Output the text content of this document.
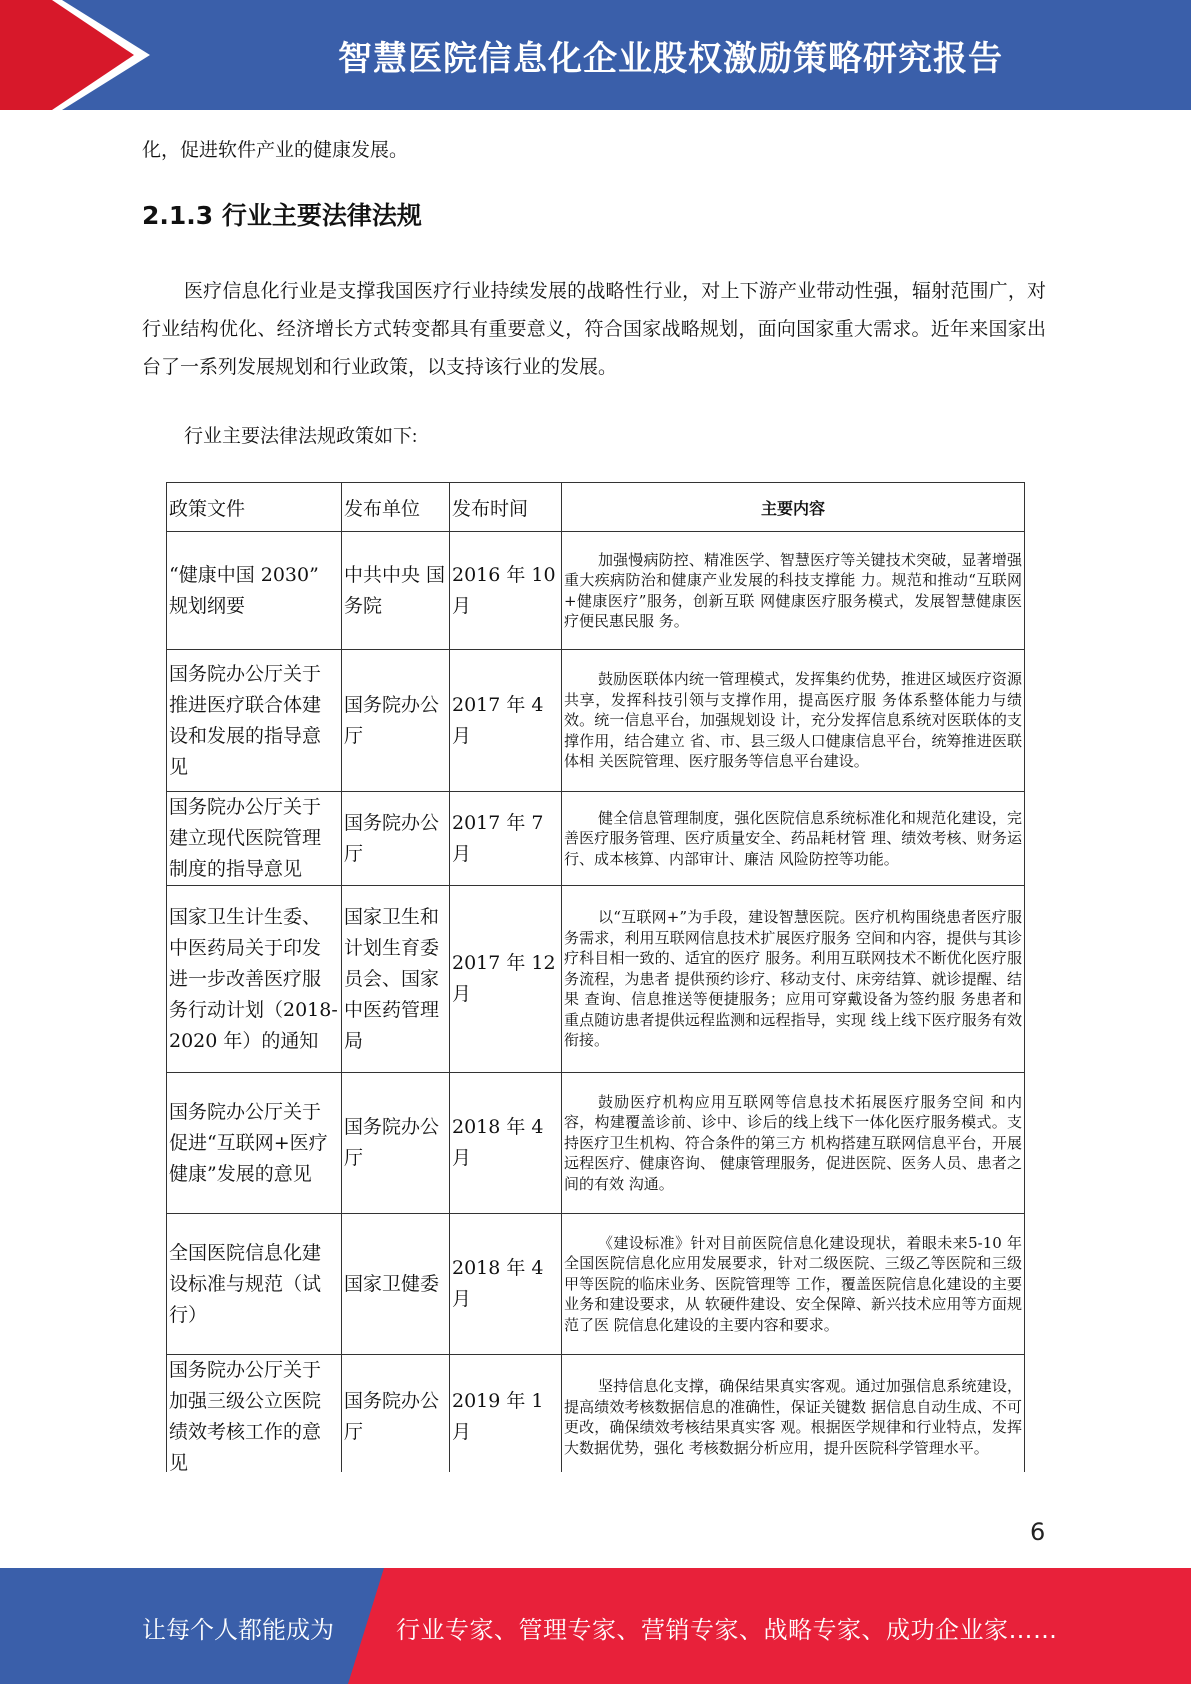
智慧医院信息化企业股权激励策略研究报告
化，促进软件产业的健康发展。
2.1.3 行业主要法律法规
医疗信息化行业是支撑我国医疗行业持续发展的战略性行业，对上下游产业带动性强，辐射范围广，对行业结构优化、经济增长方式转变都具有重要意义，符合国家战略规划，面向国家重大需求。近年来国家出台了一系列发展规划和行业政策，以支持该行业的发展。
行业主要法律法规政策如下:
政策文件	发布单位	发布时间	主要内容
“健康中国 2030” 规划纲要	中共中央 国务院	2016 年 10 月	加强慢病防控、精准医学、智慧医疗等关键技术突破，显著增强重大疾病防治和健康产业发展的科技支撑能 力。规范和推动“互联网+健康医疗”服务，创新互联 网健康医疗服务模式，发展智慧健康医疗便民惠民服 务。
国务院办公厅关于推进医疗联合体建设和发展的指导意见	国务院办公厅	2017 年 4 月	鼓励医联体内统一管理模式，发挥集约优势，推进区域医疗资源共享，发挥科技引领与支撑作用，提高医疗服 务体系整体能力与绩效。统一信息平台，加强规划设 计，充分发挥信息系统对医联体的支撑作用，结合建立 省、市、县三级人口健康信息平台，统筹推进医联体相 关医院管理、医疗服务等信息平台建设。
国务院办公厅关于建立现代医院管理制度的指导意见	国务院办公厅	2017 年 7 月	健全信息管理制度，强化医院信息系统标准化和规范化建设，完善医疗服务管理、医疗质量安全、药品耗材管 理、绩效考核、财务运行、成本核算、内部审计、廉洁 风险防控等功能。
国家卫生计生委、中医药局关于印发进一步改善医疗服务行动计划（2018-2020 年）的通知	国家卫生和计划生育委员会、国家中医药管理局	2017 年 12 月	以“互联网+”为手段，建设智慧医院。医疗机构围绕患者医疗服务需求，利用互联网信息技术扩展医疗服务 空间和内容，提供与其诊疗科目相一致的、适宜的医疗 服务。利用互联网技术不断优化医疗服务流程，为患者 提供预约诊疗、移动支付、床旁结算、就诊提醒、结果 查询、信息推送等便捷服务；应用可穿戴设备为签约服 务患者和重点随访患者提供远程监测和远程指导，实现 线上线下医疗服务有效衔接。
国务院办公厅关于促进“互联网+医疗健康”发展的意见	国务院办公厅	2018 年 4 月	鼓励医疗机构应用互联网等信息技术拓展医疗服务空间 和内容，构建覆盖诊前、诊中、诊后的线上线下一体化医疗服务模式。支持医疗卫生机构、符合条件的第三方 机构搭建互联网信息平台，开展远程医疗、健康咨询、 健康管理服务，促进医院、医务人员、患者之间的有效 沟通。
全国医院信息化建设标准与规范（试行）	国家卫健委	2018 年 4 月	《建设标准》针对目前医院信息化建设现状，着眼未来5-10 年全国医院信息化应用发展要求，针对二级医院、三级乙等医院和三级甲等医院的临床业务、医院管理等 工作，覆盖医院信息化建设的主要业务和建设要求，从 软硬件建设、安全保障、新兴技术应用等方面规范了医 院信息化建设的主要内容和要求。
国务院办公厅关于加强三级公立医院绩效考核工作的意见	国务院办公厅	2019 年 1 月	坚持信息化支撑，确保结果真实客观。通过加强信息系统建设，提高绩效考核数据信息的准确性，保证关键数 据信息自动生成、不可更改，确保绩效考核结果真实客 观。根据医学规律和行业特点，发挥大数据优势，强化 考核数据分析应用，提升医院科学管理水平。
6
让每个人都能成为	行业专家、管理专家、营销专家、战略专家、成功企业家……
